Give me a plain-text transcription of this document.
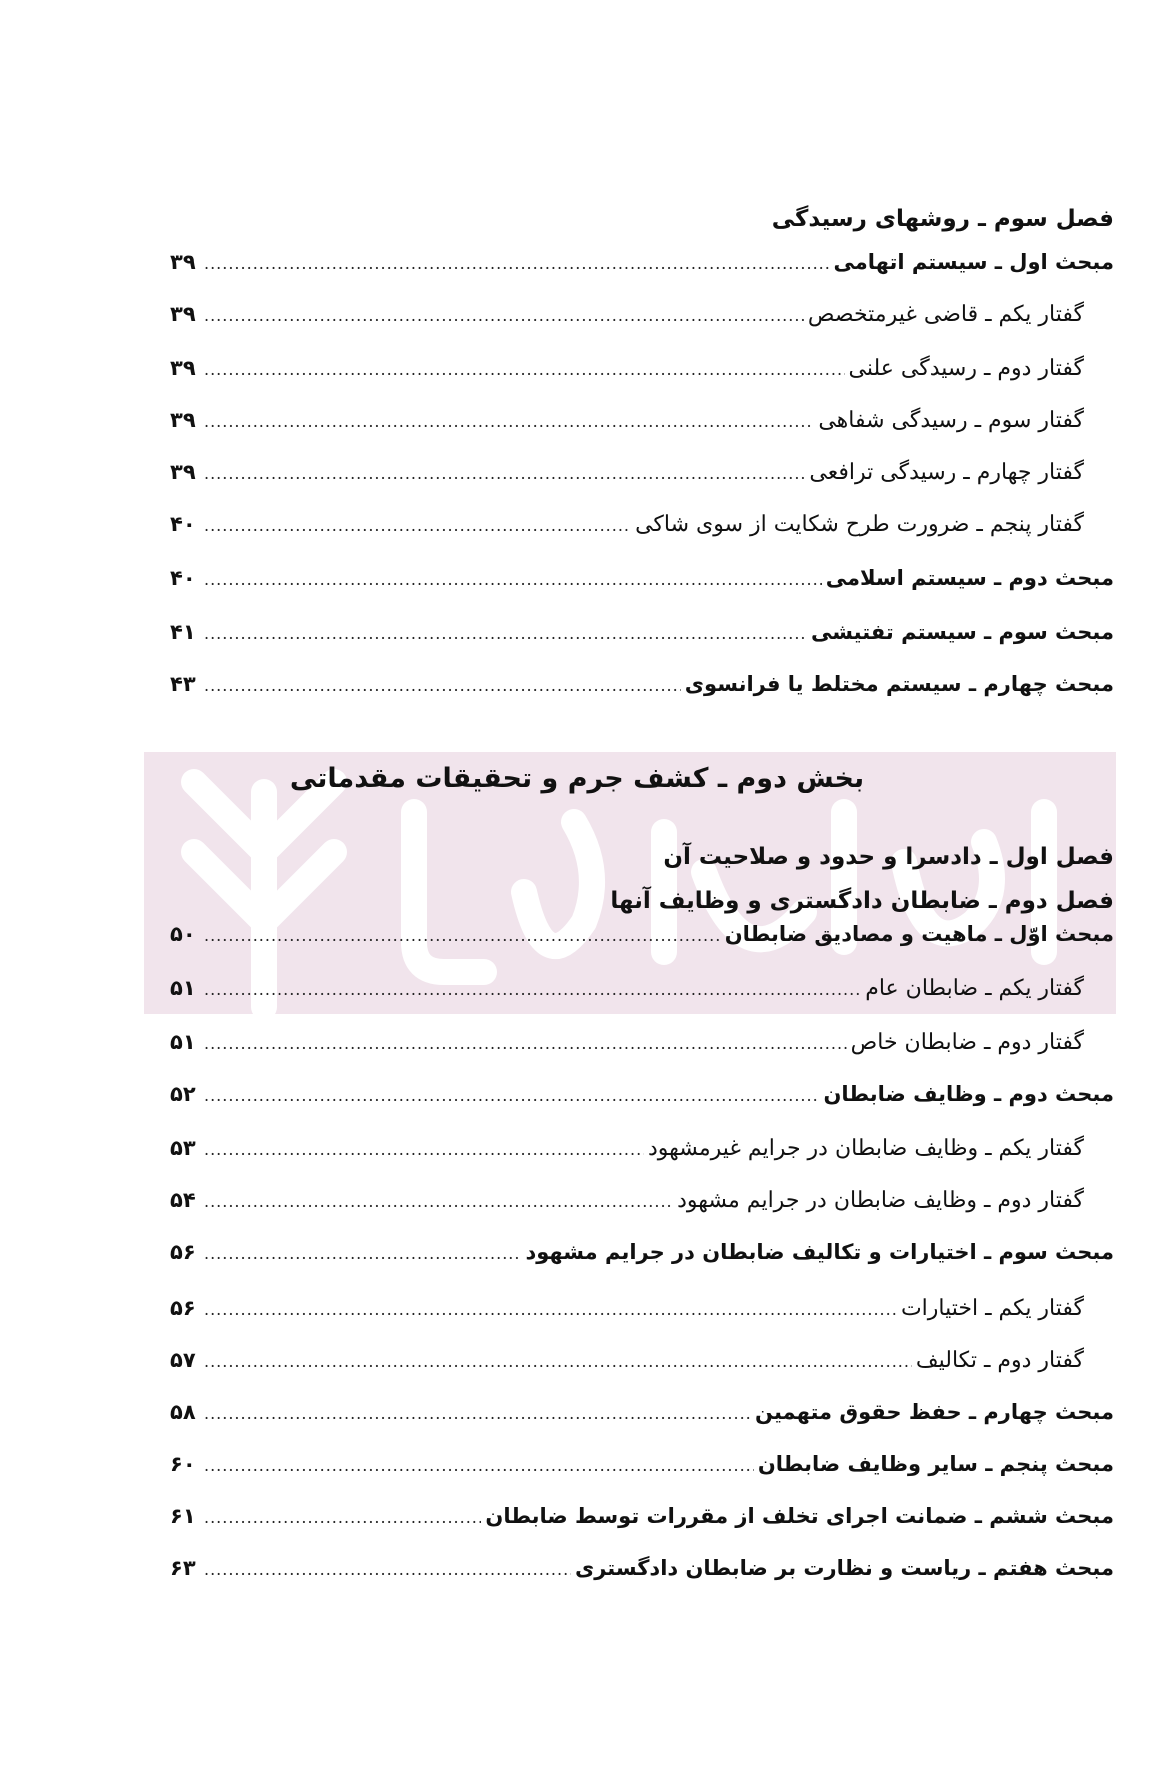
فصل سوم ـ روشهای رسیدگی
مبحث اول ـ سیستم اتهامی
.....
۳۹
گفتار یکم ـ قاضی غیرمتخصص
.....
۳۹
گفتار دوم ـ رسیدگی علنی
.....
۳۹
گفتار سوم ـ رسیدگی شفاهی
.....
۳۹
گفتار چهارم ـ رسیدگی ترافعی
.....
۳۹
گفتار پنجم ـ ضرورت طرح شکایت از سوی شاکی
.....
۴۰
مبحث دوم ـ سیستم اسلامی
.....
۴۰
مبحث سوم ـ سیستم تفتیشی
.....
۴۱
مبحث چهارم ـ سیستم مختلط یا فرانسوی
.....
۴۳
بخش دوم ـ کشف جرم و تحقیقات مقدماتی
فصل اول ـ دادسرا و حدود و صلاحیت آن
فصل دوم ـ ضابطان دادگستری و وظایف آنها
مبحث اوّل ـ ماهیت و مصادیق ضابطان
.....
۵۰
گفتار یکم ـ ضابطان عام
.....
۵۱
گفتار دوم ـ ضابطان خاص
.....
۵۱
مبحث دوم ـ وظایف ضابطان
.....
۵۲
گفتار یکم ـ وظایف ضابطان در جرایم غیرمشهود
.....
۵۳
گفتار دوم ـ وظایف ضابطان در جرایم مشهود
.....
۵۴
مبحث سوم ـ اختیارات و تکالیف ضابطان در جرایم مشهود
.....
۵۶
گفتار یکم ـ اختیارات
.....
۵۶
گفتار دوم ـ تکالیف
.....
۵۷
مبحث چهارم ـ حفظ حقوق متهمین
.....
۵۸
مبحث پنجم ـ سایر وظایف ضابطان
.....
۶۰
مبحث ششم ـ ضمانت اجرای تخلف از مقررات توسط ضابطان
.....
۶۱
مبحث هفتم ـ ریاست و نظارت بر ضابطان دادگستری
.....
۶۳
